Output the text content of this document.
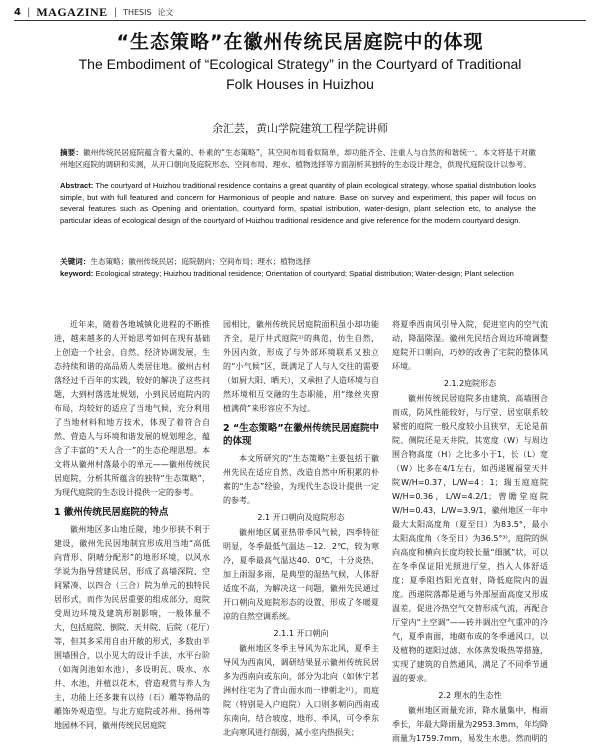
4 | MAGAZINE | THESIS 论文
“生态策略”在徽州传统民居庭院中的体现
The Embodiment of “Ecological Strategy” in the Courtyard of Traditional
Folk Houses in Huizhou
余汇芸，黄山学院建筑工程学院讲师
摘要：徽州传统民居庭院蕴含着大量的、朴素的“生态策略”，其空间布局看似简单，却功能齐全、注重人与自然的和谐统一。本文将基于对徽州地区庭院的调研和实测，从开口朝向及庭院形态、空间布局、理水、植物选择等方面剖析其独特的生态设计理念，供现代庭院设计以参考。
Abstract: The courtyard of Huizhou traditional residence contains a great quantity of plain ecological strategy, whose spatial distribution looks simple, but with full featured and concern for Harmonious of people and nature. Base on survey and experiment, this paper will focus on several features such as Opening and orientation, courtyard form, spatial istribution, water-design, plant selection etc, to analyse the particular ideas of ecological design of the courtyard of Huizhou traditional residence and give reference for the modern courtyard design.
关键词：生态策略；徽州传统民居；庭院朝向；空间布局；理水；植物选择
keyword: Ecological strategy; Huizhou traditional residence; Orientation of courtyard; Spatial distribution; Water-design; Plant selection

近年来，随着各地城镇化进程的不断推进，越来越多的人开始思考如何在现有基础上创造一个社会、自然、经济协调发展，生态持续和谐的高品质人类居住地。徽州古村落经过千百年的实践，较好的解决了这些问题，大到村落选址规划，小到民居庭院内的布局，均较好的适应了当地气候，充分利用了当地材料和地方技术，体现了着符合自然、营造人与环境和谐发展的规划理念，蕴含了丰富的“天人合一”的生态伦理思想。本文将从徽州村落最小的单元——徽州传统民居庭院，分析其所蕴含的独特“生态策略”，为现代庭院的生态设计提供一定的参考。

1 徽州传统民居庭院的特点

徽州地区多山地丘陵，地少形狭不利于建设，徽州先民因地制宜形成用当地“高低向背形、阴晴分配形”的地形环境，以风水学说为指导营建民居，形成了高墙深院、空间紧凑、以四合（三合）院为单元的独特民居形式，而作为民居重要的组成部分，庭院受周边环境及建筑形制影响，一般体量不大，包括庭院、倒院、天井院、后院（花厅）等，但其多采用自由开敞的形式，多数由半围墙围合，以小见大的设计手法，水平台阶（如淘剑池如水池），多设明瓦、吸水、水井、水池，并植以花木，营造观赏与养人为主，功能上还多兼有以待（石）雕等物品的雕饰外观造型。与北方庭院或苏州、扬州等地园林不同，徽州传统民居庭院

园相比，徽州传统民居庭院面积虽小却功能齐全，是厅井式庭院¹⁾的典范，仿生自然，外因内敛，形成了与外部环境联系又独立的“小气候”区，既满足了人与人交往的需要（如厨大阳、晒天），又承担了人造环境与自然环境相互交融的生态职能，用“缘丝夹窗植满荷”来形容应不为过。

2 “生态策略”在徽州传统民居庭院中的体现

本文所研究的“生态策略”主要包括于徽州先民在适应自然、改造自然中所积累的朴素的“生态”经验，为现代生态设计提供一定的参考。

2.1 开口朝向及庭院形态

徽州地区属亚热带季风气候，四季特征明显，冬季最低气温达－12．2℃，较为寒冷，夏季最高气温达40．0℃，十分炎热，加上雨湿多雨，是典型的湿热气候，人体舒适度不高，为解决这一问题，徽州先民通过开口朝向及庭院形态的设置，形成了冬暖夏凉的自然空调系统。

2.1.1 开口朝向

徽州地区冬季主导风为东北风，夏季主导风为西南风，调研结果显示徽州传统民居多为西南向或东向，部分为北向（如休宁茗洲村往宅为了背山面水而一律朝北²⁾），而庭院（特别是入户庭院）入口则多朝向西南或东南向，结合坡度、地形、季风，可令季东北向寒风进行削弱，减小室内热损失；

将夏季西南风引导入院，促进室内的空气流动，降温除湿。徽州先民结合周边环境调整庭院开口朝向，巧妙的改善了宅院的整体风环境。

2.1.2庭院形态

徽州传统民居庭院多由建筑、高墙围合而成，防风性能较好，与厅堂、居室联系较紧密的庭院一般尺度较小且狭窄，无论是前院、侧院还是天井院，其宽度（W）与周边围合物高度（H）之比多小于1，长（L）宽（W）比多在4/1左右，如西递履福堂天井院W/H=0.37，L/W=4：1；瑞玉庭庭院W/H=0.36，L/W=4.2/1；曾瞻堂庭院W/H=0.43，L/W=3.9/1，徽州地区一年中最大太阳高度角（夏至日）为83.5°，最小太阳高度角（冬至日）为36.5°³⁾，庭院的纵向高度和横向长度均较长量“细腻”状，可以在冬季保证阳光照进厅堂，挡入人体舒适度；夏季阻挡阳光直射，降低庭院内的温度。西递院落都是通与外部屋面高度又形成温差，促进冷热空气交替形成气流，再配合厅堂内“土空调”——砖井调出空气重冲的冷气，夏季南面，地砌布成的冬季通风口，以及植物的遮阳过滤、水体蒸发吸热等措施，实现了建筑的自然通风，满足了不同季节通温的要求。

2.2 理水的生态性

徽州地区雨量充沛，降水量集中，梅雨季长，年最大降雨量为2953.3mm，年均降雨量为1759.7mm，易发生水患。然而明的
